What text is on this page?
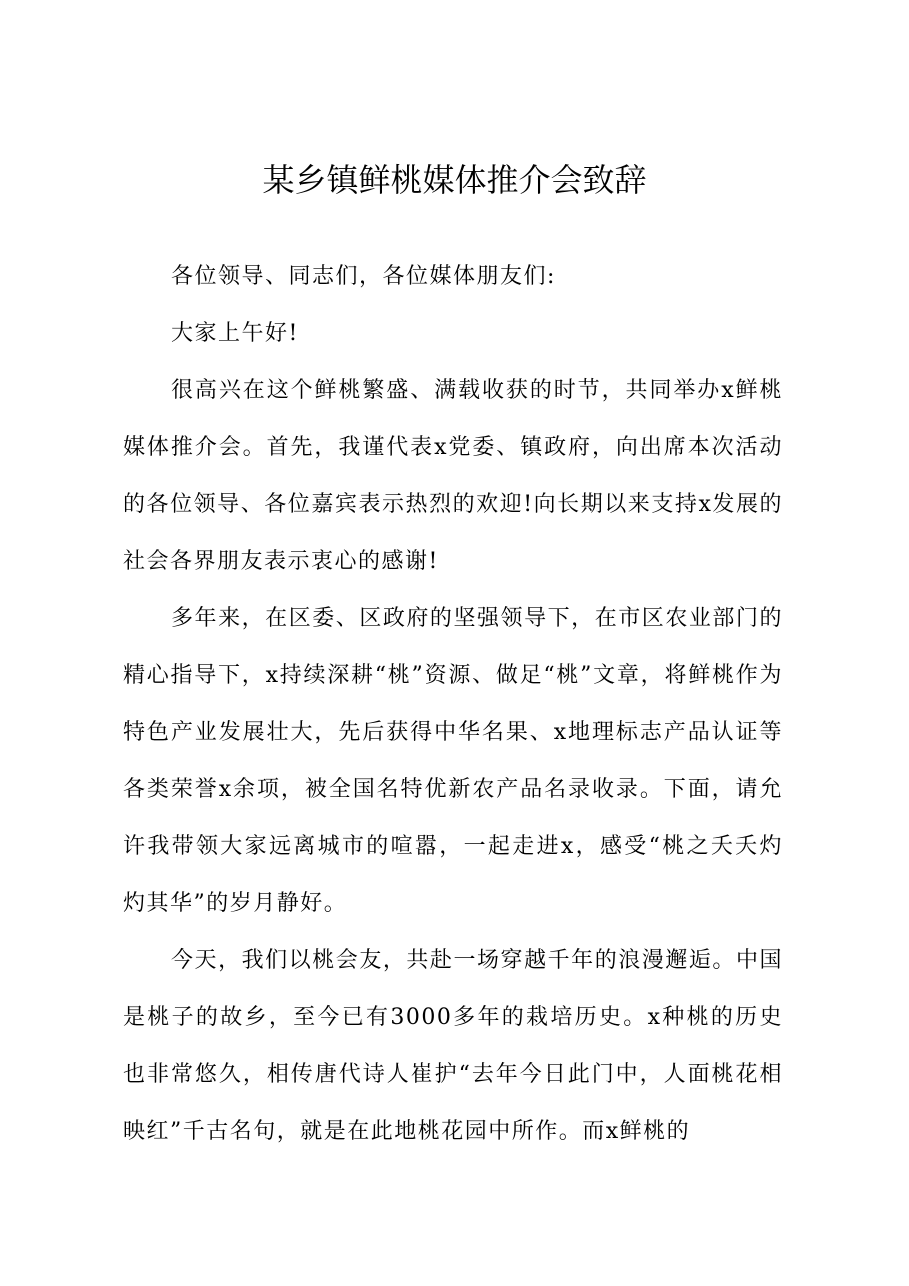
某乡镇鲜桃媒体推介会致辞

各位领导、同志们，各位媒体朋友们:

大家上午好!

很高兴在这个鲜桃繁盛、满载收获的时节，共同举办x鲜桃媒体推介会。首先，我谨代表x党委、镇政府，向出席本次活动的各位领导、各位嘉宾表示热烈的欢迎!向长期以来支持x发展的社会各界朋友表示衷心的感谢!

多年来，在区委、区政府的坚强领导下，在市区农业部门的精心指导下，x持续深耕“桃”资源、做足“桃”文章，将鲜桃作为特色产业发展壮大，先后获得中华名果、x地理标志产品认证等各类荣誉x余项，被全国名特优新农产品名录收录。下面，请允许我带领大家远离城市的喧嚣，一起走进x，感受“桃之夭夭灼灼其华”的岁月静好。

今天，我们以桃会友，共赴一场穿越千年的浪漫邂逅。中国是桃子的故乡，至今已有3000多年的栽培历史。x种桃的历史也非常悠久，相传唐代诗人崔护“去年今日此门中，人面桃花相映红”千古名句，就是在此地桃花园中所作。而x鲜桃的
